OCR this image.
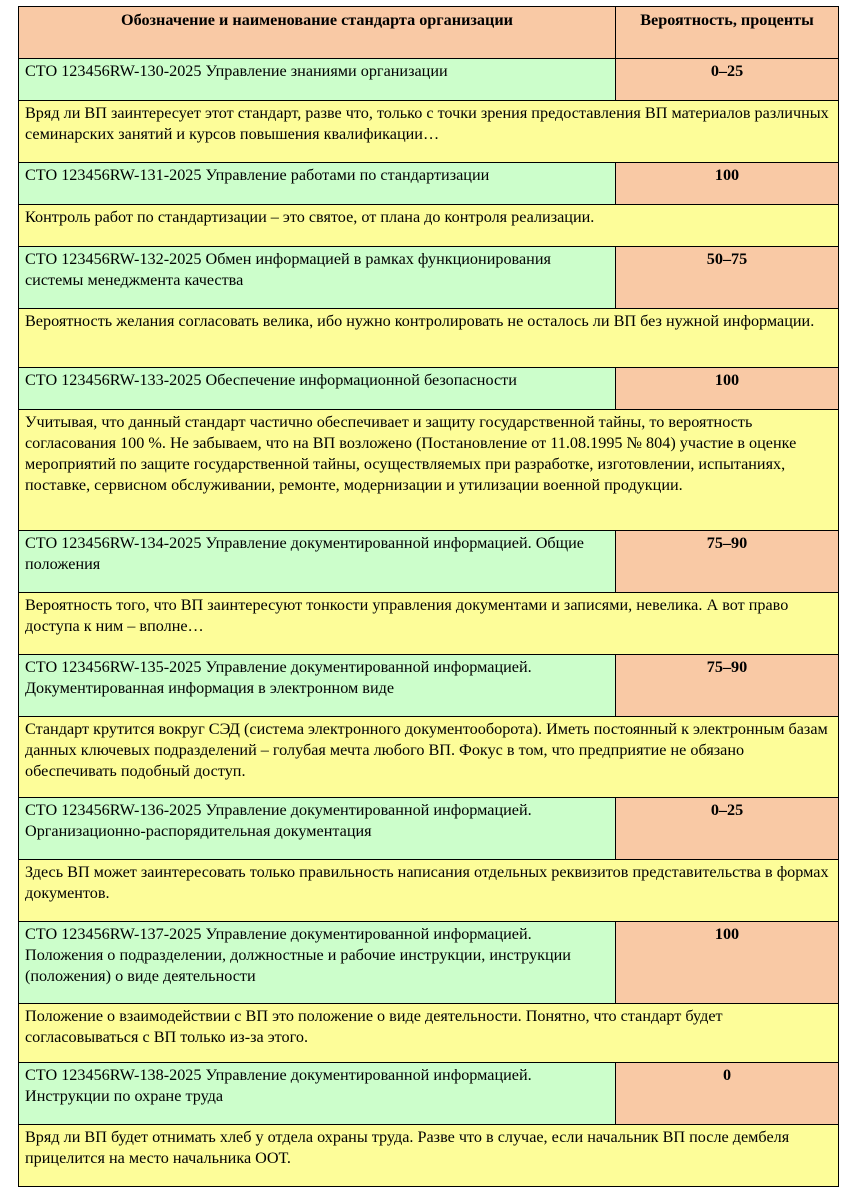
Обозначение и наименование стандарта организации	Вероятность, проценты
СТО 123456RW-130-2025 Управление знаниями организации	0–25
Вряд ли ВП заинтересует этот стандарт, разве что, только с точки зрения предоставления ВП материалов различных семинарских занятий и курсов повышения квалификации…	
СТО 123456RW-131-2025 Управление работами по стандартизации	100
Контроль работ по стандартизации – это святое, от плана до контроля реализации.	
СТО 123456RW-132-2025 Обмен информацией в рамках функционирования системы менеджмента качества	50–75
Вероятность желания согласовать велика, ибо нужно контролировать не осталось ли ВП без нужной информации.	
СТО 123456RW-133-2025 Обеспечение информационной безопасности	100
Учитывая, что данный стандарт частично обеспечивает и защиту государственной тайны, то вероятность согласования 100 %. Не забываем, что на ВП возложено (Постановление от 11.08.1995 № 804) участие в оценке мероприятий по защите государственной тайны, осуществляемых при разработке, изготовлении, испытаниях, поставке, сервисном обслуживании, ремонте, модернизации и утилизации военной продукции.	
СТО 123456RW-134-2025 Управление документированной информацией. Общие положения	75–90
Вероятность того, что ВП заинтересуют тонкости управления документами и записями, невелика. А вот право доступа к ним – вполне…	
СТО 123456RW-135-2025 Управление документированной информацией. Документированная информация в электронном виде	75–90
Стандарт крутится вокруг СЭД (система электронного документооборота). Иметь постоянный к электронным базам данных ключевых подразделений – голубая мечта любого ВП. Фокус в том, что предприятие не обязано обеспечивать подобный доступ.	
СТО 123456RW-136-2025 Управление документированной информацией. Организационно-распорядительная документация	0–25
Здесь ВП может заинтересовать только правильность написания отдельных реквизитов представительства в формах документов.	
СТО 123456RW-137-2025 Управление документированной информацией. Положения о подразделении, должностные и рабочие инструкции, инструкции (положения) о виде деятельности	100
Положение о взаимодействии с ВП это положение о виде деятельности. Понятно, что стандарт будет согласовываться с ВП только из-за этого.	
СТО 123456RW-138-2025 Управление документированной информацией. Инструкции по охране труда	0
Вряд ли ВП будет отнимать хлеб у отдела охраны труда. Разве что в случае, если начальник ВП после дембеля прицелится на место начальника ООТ.	
